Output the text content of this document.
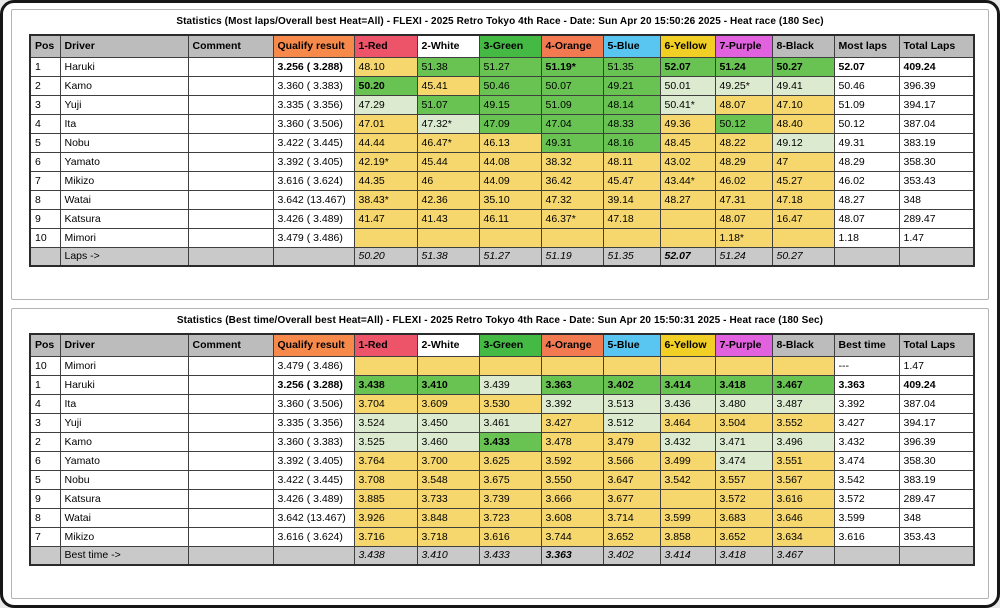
Statistics (Most laps/Overall best Heat=All) - FLEXI - 2025 Retro Tokyo 4th Race - Date: Sun Apr 20 15:50:26 2025 - Heat race (180 Sec)
Pos	Driver	Comment	Qualify result	1-Red	2-White	3-Green	4-Orange	5-Blue	6-Yellow	7-Purple	8-Black	Most laps	Total Laps
1	Haruki		3.256 ( 3.288)	48.10	51.38	51.27	51.19*	51.35	52.07	51.24	50.27	52.07	409.24
2	Kamo		3.360 ( 3.383)	50.20	45.41	50.46	50.07	49.21	50.01	49.25*	49.41	50.46	396.39
3	Yuji		3.335 ( 3.356)	47.29	51.07	49.15	51.09	48.14	50.41*	48.07	47.10	51.09	394.17
4	Ita		3.360 ( 3.506)	47.01	47.32*	47.09	47.04	48.33	49.36	50.12	48.40	50.12	387.04
5	Nobu		3.422 ( 3.445)	44.44	46.47*	46.13	49.31	48.16	48.45	48.22	49.12	49.31	383.19
6	Yamato		3.392 ( 3.405)	42.19*	45.44	44.08	38.32	48.11	43.02	48.29	47	48.29	358.30
7	Mikizo		3.616 ( 3.624)	44.35	46	44.09	36.42	45.47	43.44*	46.02	45.27	46.02	353.43
8	Watai		3.642 (13.467)	38.43*	42.36	35.10	47.32	39.14	48.27	47.31	47.18	48.27	348
9	Katsura		3.426 ( 3.489)	41.47	41.43	46.11	46.37*	47.18		48.07	16.47	48.07	289.47
10	Mimori		3.479 ( 3.486)							1.18*		1.18	1.47
	Laps ->			50.20	51.38	51.27	51.19	51.35	52.07	51.24	50.27		
Statistics (Best time/Overall best Heat=All) - FLEXI - 2025 Retro Tokyo 4th Race - Date: Sun Apr 20 15:50:31 2025 - Heat race (180 Sec)
Pos	Driver	Comment	Qualify result	1-Red	2-White	3-Green	4-Orange	5-Blue	6-Yellow	7-Purple	8-Black	Best time	Total Laps
10	Mimori		3.479 ( 3.486)									---	1.47
1	Haruki		3.256 ( 3.288)	3.438	3.410	3.439	3.363	3.402	3.414	3.418	3.467	3.363	409.24
4	Ita		3.360 ( 3.506)	3.704	3.609	3.530	3.392	3.513	3.436	3.480	3.487	3.392	387.04
3	Yuji		3.335 ( 3.356)	3.524	3.450	3.461	3.427	3.512	3.464	3.504	3.552	3.427	394.17
2	Kamo		3.360 ( 3.383)	3.525	3.460	3.433	3.478	3.479	3.432	3.471	3.496	3.432	396.39
6	Yamato		3.392 ( 3.405)	3.764	3.700	3.625	3.592	3.566	3.499	3.474	3.551	3.474	358.30
5	Nobu		3.422 ( 3.445)	3.708	3.548	3.675	3.550	3.647	3.542	3.557	3.567	3.542	383.19
9	Katsura		3.426 ( 3.489)	3.885	3.733	3.739	3.666	3.677		3.572	3.616	3.572	289.47
8	Watai		3.642 (13.467)	3.926	3.848	3.723	3.608	3.714	3.599	3.683	3.646	3.599	348
7	Mikizo		3.616 ( 3.624)	3.716	3.718	3.616	3.744	3.652	3.858	3.652	3.634	3.616	353.43
	Best time ->			3.438	3.410	3.433	3.363	3.402	3.414	3.418	3.467		
